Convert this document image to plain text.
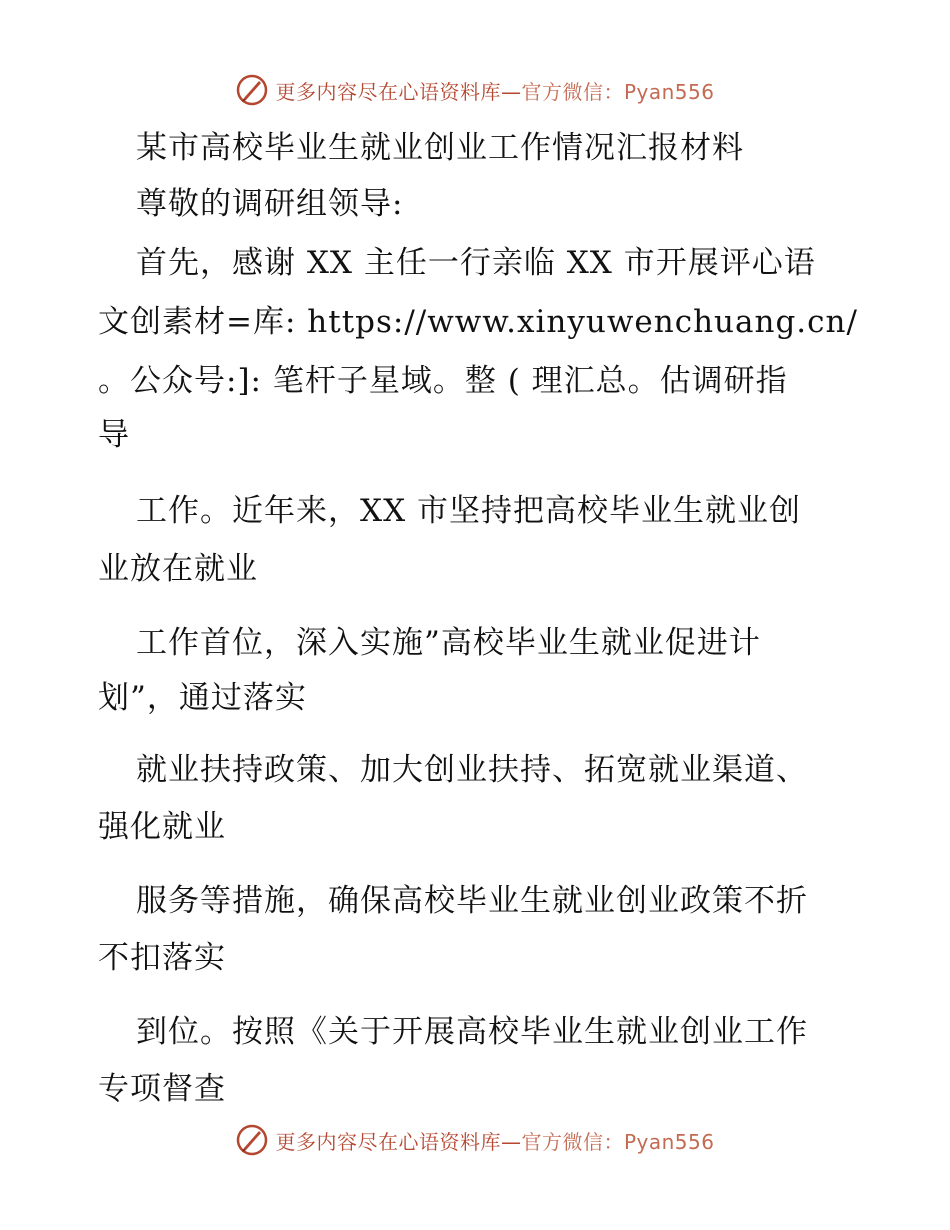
更多内容尽在心语资料库—官方微信：Pyan556
某市高校毕业生就业创业工作情况汇报材料
尊敬的调研组领导:
首先，感谢 XX 主任一行亲临 XX 市开展评心语
文创素材=库: https://www.xinyuwenchuang.cn/
。公众号:]: 笔杆子星域。整 ( 理汇总。估调研指
导
工作。近年来，XX 市坚持把高校毕业生就业创
业放在就业
工作首位，深入实施”高校毕业生就业促进计
划”，通过落实
就业扶持政策、加大创业扶持、拓宽就业渠道、
强化就业
服务等措施，确保高校毕业生就业创业政策不折
不扣落实
到位。按照《关于开展高校毕业生就业创业工作
专项督查
更多内容尽在心语资料库—官方微信：Pyan556
